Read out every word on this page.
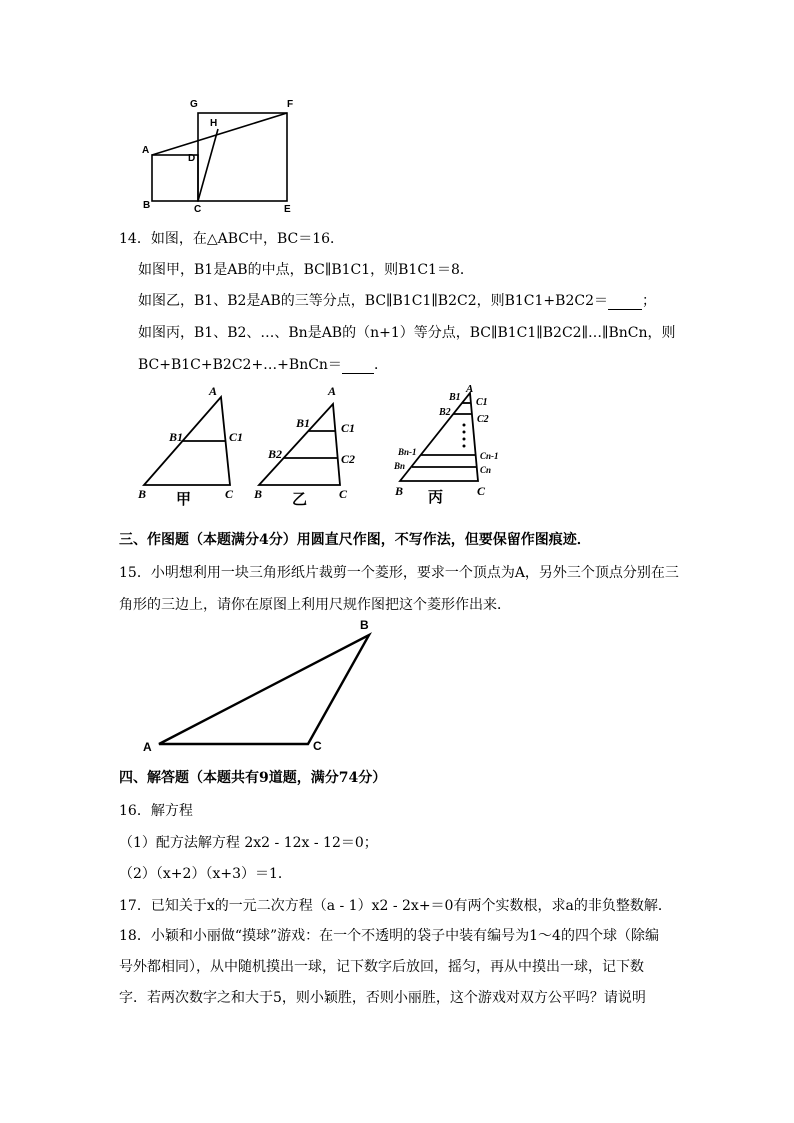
G	F
H
A
D
B	C	E
14．如图，在△ABC中，BC＝16．
如图甲，B1是AB的中点，BC∥B1C1，则B1C1＝8．
如图乙，B1、B2是AB的三等分点，BC∥B1C1∥B2C2，则B1C1+B2C2＝ ；
如图丙，B1、B2、…、Bn是AB的（n+1）等分点，BC∥B1C1∥B2C2∥…∥BnCn，则
BC+B1C+B2C2+…+BnCn＝ ．
A
B1	C1
B 甲	C
A
B1	C1
B2	C2
B 乙	C
A
B1 C1
B2
C2
Bn-1	Cn-1
Bn	Cn
B 丙	C
三、作图题（本题满分4分）用圆直尺作图，不写作法，但要保留作图痕迹．
15．小明想利用一块三角形纸片裁剪一个菱形，要求一个顶点为A，另外三个顶点分别在三
角形的三边上，请你在原图上利用尺规作图把这个菱形作出来．
B
A	C
四、解答题（本题共有9道题，满分74分）
16．解方程
（1）配方法解方程 2x2 - 12x - 12＝0；
（2）（x+2）（x+3）＝1．
17．已知关于x的一元二次方程（a - 1）x2 - 2x+＝0有两个实数根，求a的非负整数解．
18．小颖和小丽做“摸球”游戏：在一个不透明的袋子中装有编号为1～4的四个球（除编
号外都相同），从中随机摸出一球，记下数字后放回，摇匀，再从中摸出一球，记下数
字．若两次数字之和大于5，则小颖胜，否则小丽胜，这个游戏对双方公平吗？请说明
